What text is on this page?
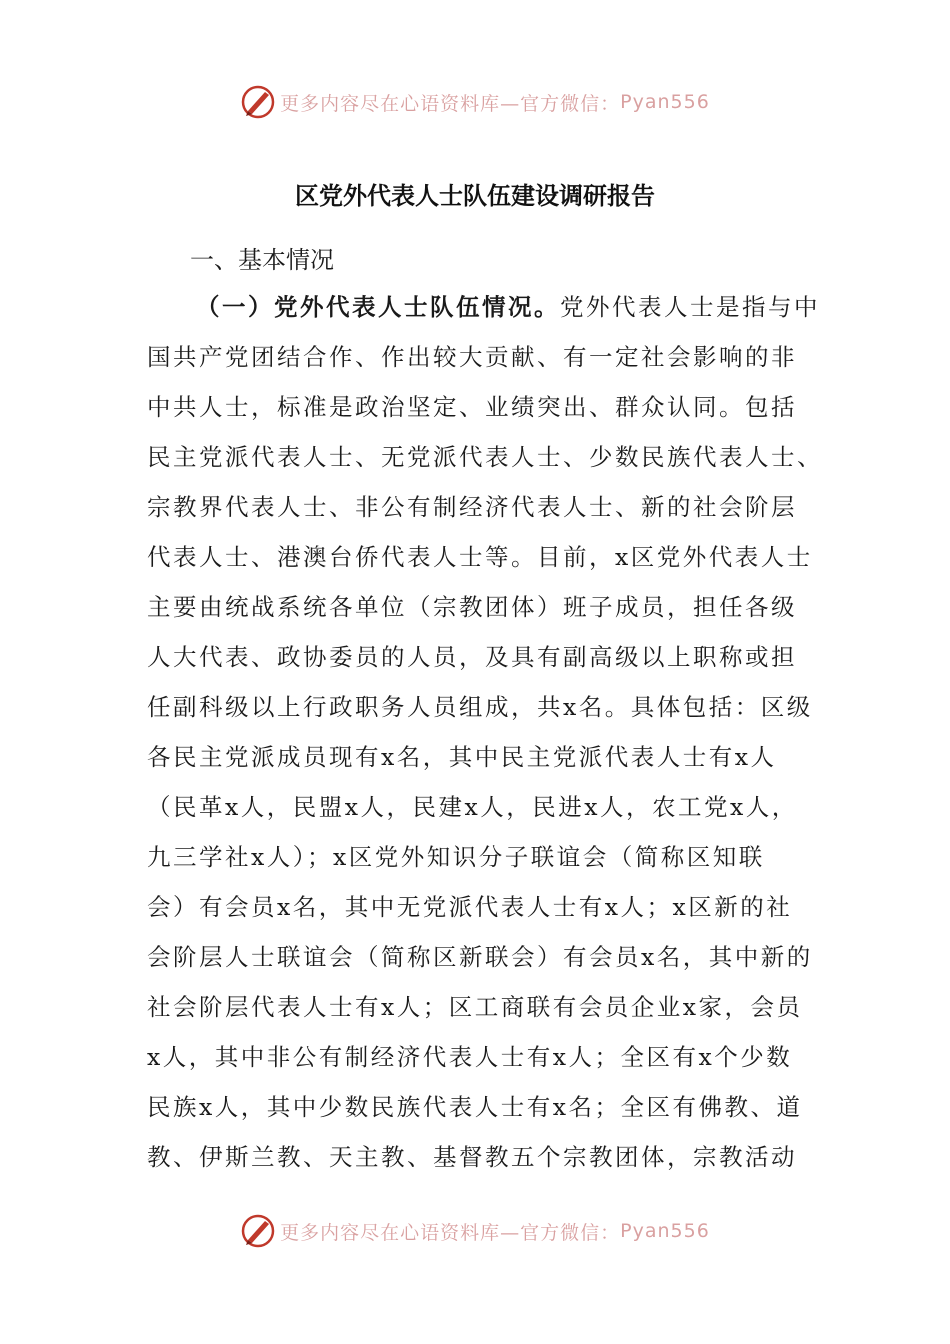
更多内容尽在心语资料库—官方微信： Pyan556
区党外代表人士队伍建设调研报告
一、基本情况
（一）党外代表人士队伍情况。党外代表人士是指与中
国共产党团结合作、作出较大贡献、有一定社会影响的非
中共人士，标准是政治坚定、业绩突出、群众认同。包括
民主党派代表人士、无党派代表人士、少数民族代表人士、
宗教界代表人士、非公有制经济代表人士、新的社会阶层
代表人士、港澳台侨代表人士等。目前，x区党外代表人士
主要由统战系统各单位（宗教团体）班子成员，担任各级
人大代表、政协委员的人员，及具有副高级以上职称或担
任副科级以上行政职务人员组成，共x名。具体包括：区级
各民主党派成员现有x名，其中民主党派代表人士有x人
（民革x人，民盟x人，民建x人，民进x人，农工党x人，
九三学社x人）；x区党外知识分子联谊会（简称区知联
会）有会员x名，其中无党派代表人士有x人；x区新的社
会阶层人士联谊会（简称区新联会）有会员x名，其中新的
社会阶层代表人士有x人；区工商联有会员企业x家，会员
x人，其中非公有制经济代表人士有x人；全区有x个少数
民族x人，其中少数民族代表人士有x名；全区有佛教、道
教、伊斯兰教、天主教、基督教五个宗教团体，宗教活动
更多内容尽在心语资料库—官方微信： Pyan556
